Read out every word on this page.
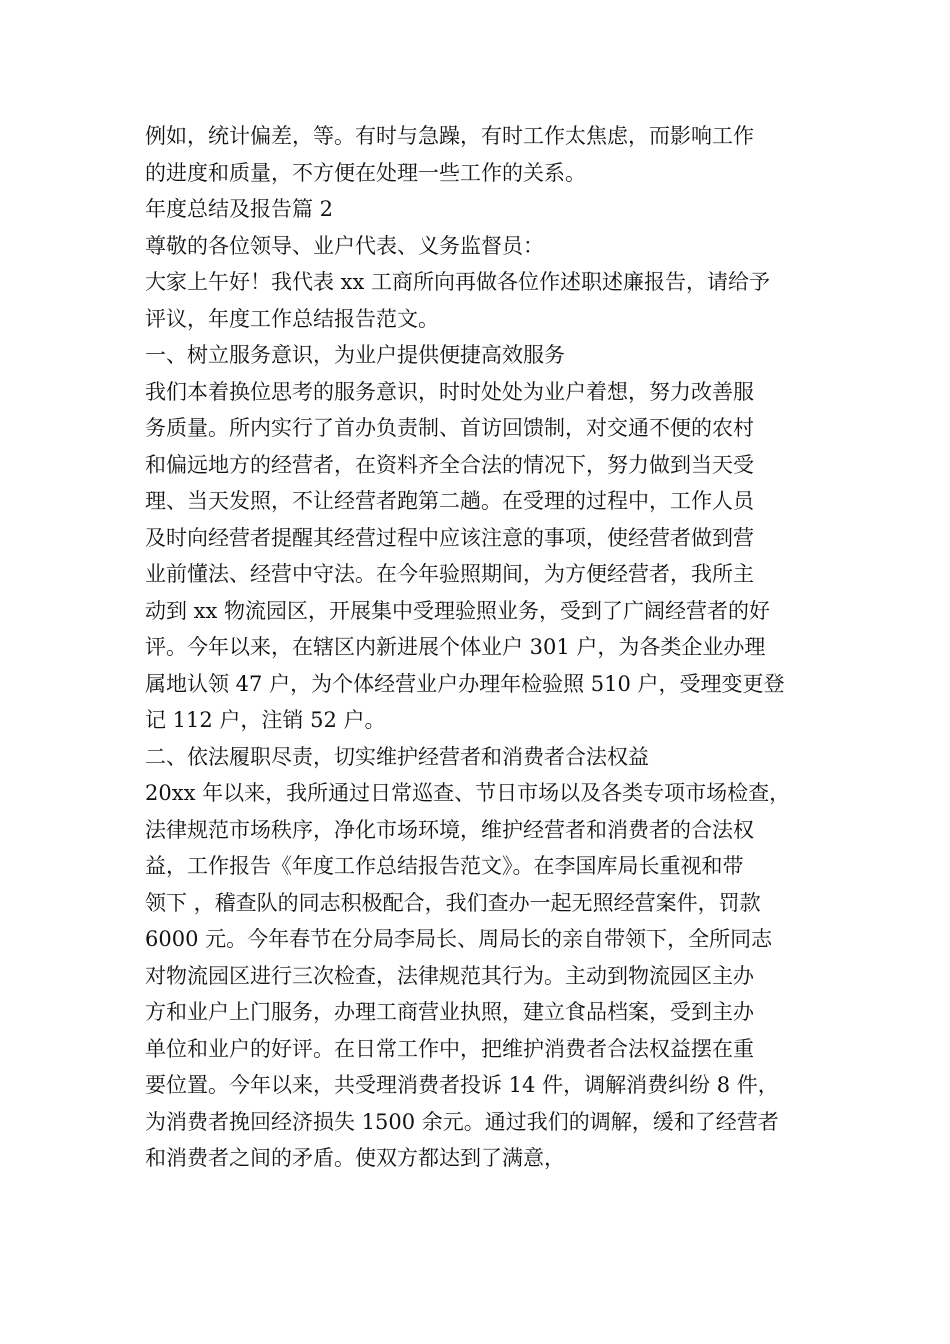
例如，统计偏差，等。有时与急躁，有时工作太焦虑，而影响工作
的进度和质量，不方便在处理一些工作的关系。
年度总结及报告篇 2
尊敬的各位领导、业户代表、义务监督员：
大家上午好！我代表 xx 工商所向再做各位作述职述廉报告，请给予
评议，年度工作总结报告范文。
一、树立服务意识，为业户提供便捷高效服务
我们本着换位思考的服务意识，时时处处为业户着想，努力改善服
务质量。所内实行了首办负责制、首访回馈制，对交通不便的农村
和偏远地方的经营者，在资料齐全合法的情况下，努力做到当天受
理、当天发照，不让经营者跑第二趟。在受理的过程中，工作人员
及时向经营者提醒其经营过程中应该注意的事项，使经营者做到营
业前懂法、经营中守法。在今年验照期间，为方便经营者，我所主
动到 xx 物流园区，开展集中受理验照业务，受到了广阔经营者的好
评。今年以来，在辖区内新进展个体业户 301 户，为各类企业办理
属地认领 47 户，为个体经营业户办理年检验照 510 户，受理变更登
记 112 户，注销 52 户。
二、依法履职尽责，切实维护经营者和消费者合法权益
20xx 年以来，我所通过日常巡查、节日市场以及各类专项市场检查，
法律规范市场秩序，净化市场环境，维护经营者和消费者的合法权
益，工作报告《年度工作总结报告范文》。在李国库局长重视和带
领下 ，稽查队的同志积极配合，我们查办一起无照经营案件，罚款
6000 元。今年春节在分局李局长、周局长的亲自带领下，全所同志
对物流园区进行三次检查，法律规范其行为。主动到物流园区主办
方和业户上门服务，办理工商营业执照，建立食品档案，受到主办
单位和业户的好评。在日常工作中，把维护消费者合法权益摆在重
要位置。今年以来，共受理消费者投诉 14 件，调解消费纠纷 8 件，
为消费者挽回经济损失 1500 余元。通过我们的调解，缓和了经营者
和消费者之间的矛盾。使双方都达到了满意，
